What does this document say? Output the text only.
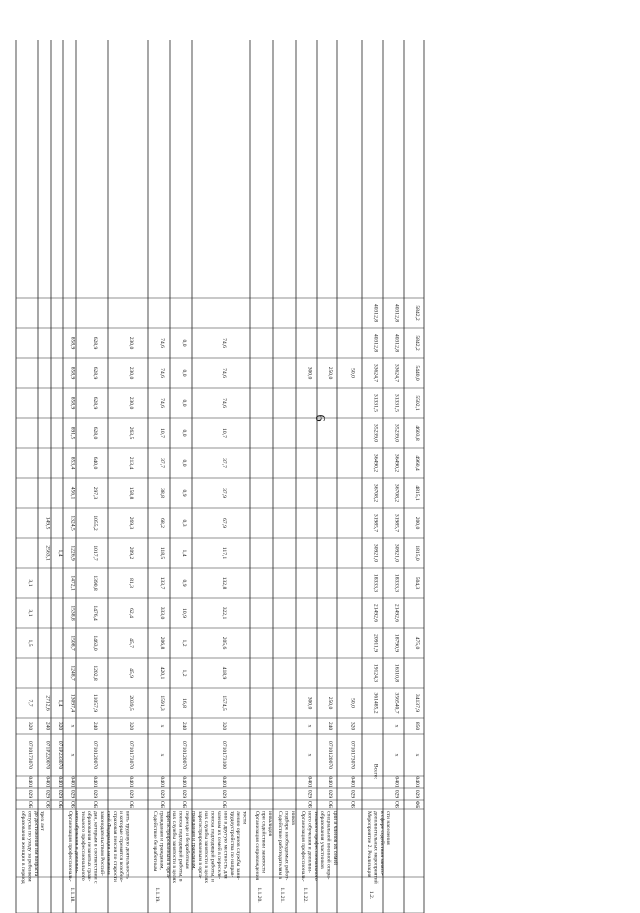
6
образования женщин в период отпуска по уходу за ребенком до достижения им возраста трех лет
ОБ
029
0401
0710173070
320
7,7
1,5
3,1
3,1
ОБ
029
0401
071P220070
240
2712,6
2563,1
149,5
ОБ
029
0401
071P233070
320
1,4
1,4
1.1.18.
Организация профессиональ- ного обучения и дополни- тельного профессионального образования незанятых граж- дан, которым в соответствии с законодательством Россий- ской Федерации назначена страховая пенсия по старости и которые стремятся возобно- вить трудовую деятельность
ОБ
029
0401
x
x
13097,4
1248,7
1508,7
1538,8
1472,1
1226,9
1324,5
456,1
853,4
891,5
858,9
858,9
858,9
ОБ
029
0401
0710120070
240
11057,9
1202,8
1463,0
1476,4
1390,8
1017,7
1055,2
297,3
640,0
628,0
628,9
628,9
628,9
ОБ
029
0401
0710173070
320
2039,5
45,9
45,7
62,4
81,3
209,2
269,3
158,8
213,4
263,5
230,0
230,0
230,0
1.1.19.
Содействие безработным гражданам и гражданам, зарегистрированным в орга- нах службы занятости в целях поиска подходящей работы, в переезде и безработным гражданам и гражданам, зарегистрированным в орга- нах службы занятости в целях поиска подходящей работы, и членам их семей в переселе- нии в другую местность для трудоустройства по направ- лению органов службы заня- тости
ОБ
029
0401
x
x
1591,3
420,1
206,8
333,0
133,7
118,5
68,2
38,8
37,7
10,7
74,6
74,6
74,6
ОБ
029
0401
0710120070
240
16,8
1,2
1,2
10,9
0,9
1,4
0,3
0,9
0,0
0,0
0,0
0,0
0,0
ОБ
029
0401
0710173100
320
1574,5
418,9
205,6
322,1
132,8
117,1
67,9
37,9
37,7
10,7
74,6
74,6
74,6
1.1.20.
Организация сопровождения при содействии занятости инвалидов
1.1.21.
Содействие работодателям в подборе необходимых работ- ников
1.1.22.
Организация профессиональ- ного обучения и дополни- тельного профессионального образования участников специальной военной опера- ции и членов их семей
ОБ
029
0401
x
x
300,0
300,0
ОБ
029
0401
0710120070
240
250,0
250,0
ОБ
029
0401
0710173070
320
50,0
50,0
1.2.
Мероприятие 2. Реализация дополнительных мероприятий в сфере содействия занято- сти населения
Всего:
361485,2
19124,3
20911,9
21492,6
18333,3
30921,0
31985,7
36708,2
36490,2
35239,0
31331,5
33624,7
40312,8
40312,8
ОБ
029
0401
x
x
356540,7
16310,8
18790,9
21492,6
18333,3
30921,0
31985,7
36708,2
36490,2
35239,0
31331,5
33624,7
40312,8
40312,8
ФБ
029
0401
x
850
34137,9
475,0
504,3
1815,0
200,0
4815,1
4960,4
4603,8
5502,1
5440,0
5842,2
5842,2
